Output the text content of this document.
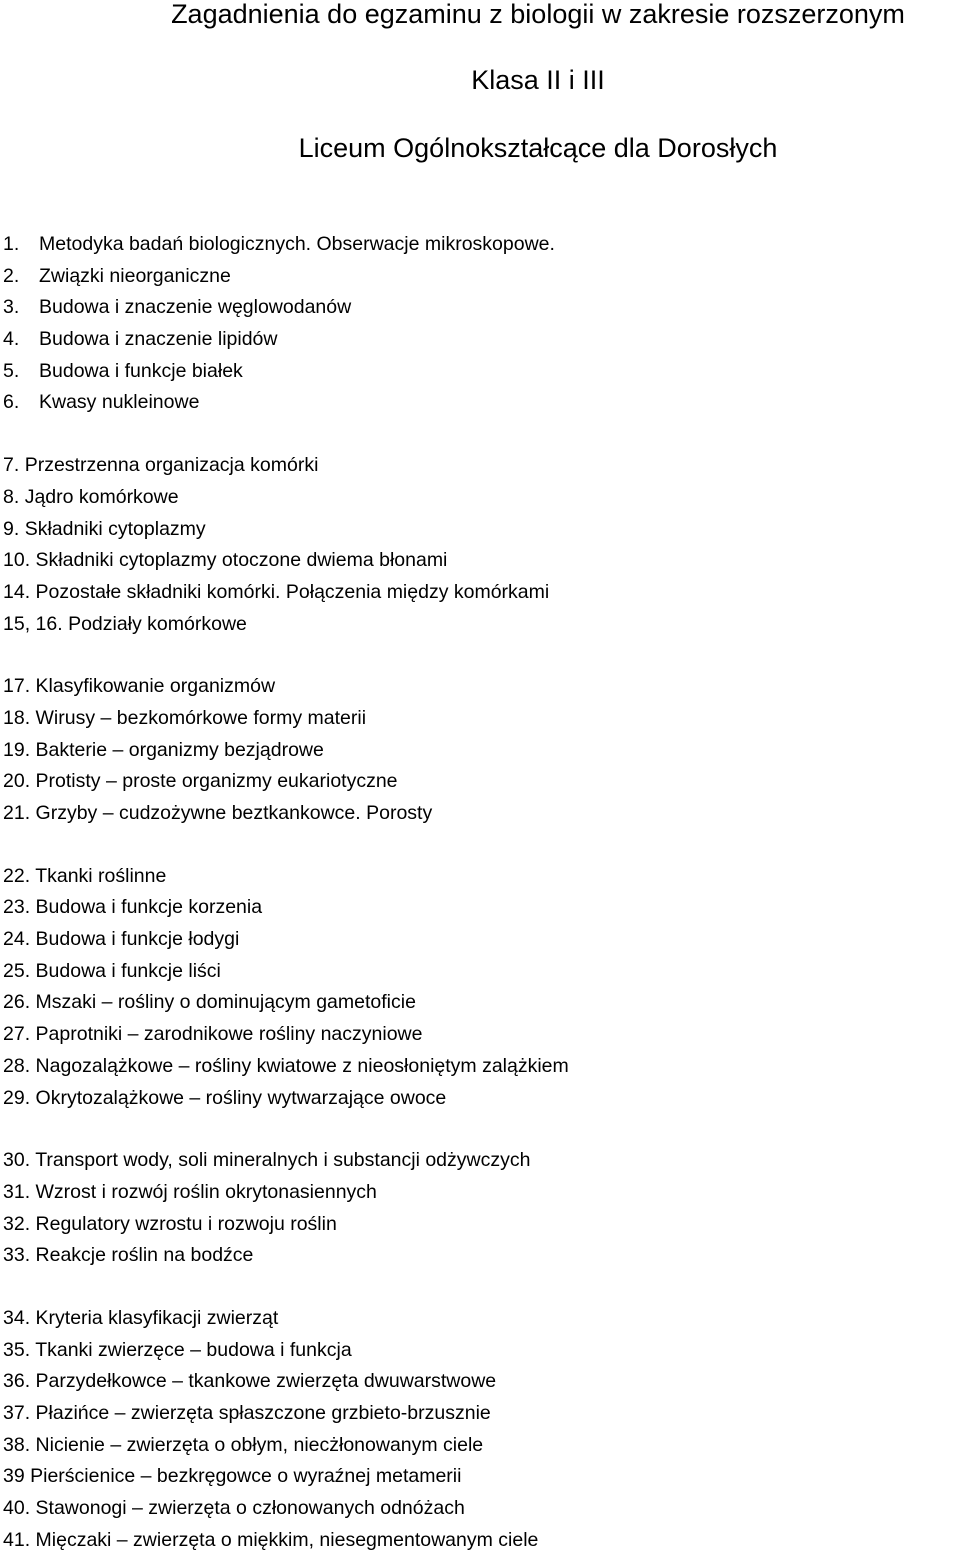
Zagadnienia do egzaminu z biologii w zakresie rozszerzonym
Klasa II i III
Liceum Ogólnokształcące dla Dorosłych
1. Metodyka badań biologicznych. Obserwacje mikroskopowe.
2. Związki nieorganiczne
3. Budowa i znaczenie węglowodanów
4. Budowa i znaczenie lipidów
5. Budowa i funkcje białek
6. Kwasy nukleinowe
7. Przestrzenna organizacja komórki
8. Jądro komórkowe
9. Składniki cytoplazmy
10. Składniki cytoplazmy otoczone dwiema błonami
14. Pozostałe składniki komórki. Połączenia między komórkami
15, 16. Podziały komórkowe
17. Klasyfikowanie organizmów
18. Wirusy – bezkomórkowe formy materii
19. Bakterie – organizmy bezjądrowe
20. Protisty – proste organizmy eukariotyczne
21. Grzyby – cudzożywne beztkankowce. Porosty
22. Tkanki roślinne
23. Budowa i funkcje korzenia
24. Budowa i funkcje łodygi
25. Budowa i funkcje liści
26. Mszaki – rośliny o dominującym gametoficie
27. Paprotniki – zarodnikowe rośliny naczyniowe
28. Nagozalążkowe – rośliny kwiatowe z nieosłoniętym zalążkiem
29. Okrytozalążkowe – rośliny wytwarzające owoce
30. Transport wody, soli mineralnych i substancji odżywczych
31. Wzrost i rozwój roślin okrytonasiennych
32. Regulatory wzrostu i rozwoju roślin
33. Reakcje roślin na bodźce
34. Kryteria klasyfikacji zwierząt
35. Tkanki zwierzęce – budowa i funkcja
36. Parzydełkowce – tkankowe zwierzęta dwuwarstwowe
37. Płazińce – zwierzęta spłaszczone grzbieto-brzusznie
38. Nicienie – zwierzęta o obłym, niecżłonowanym ciele
39 Pierścienice – bezkręgowce o wyraźnej metamerii
40. Stawonogi – zwierzęta o członowanych odnóżach
41. Mięczaki – zwierzęta o miękkim, niesegmentowanym ciele
